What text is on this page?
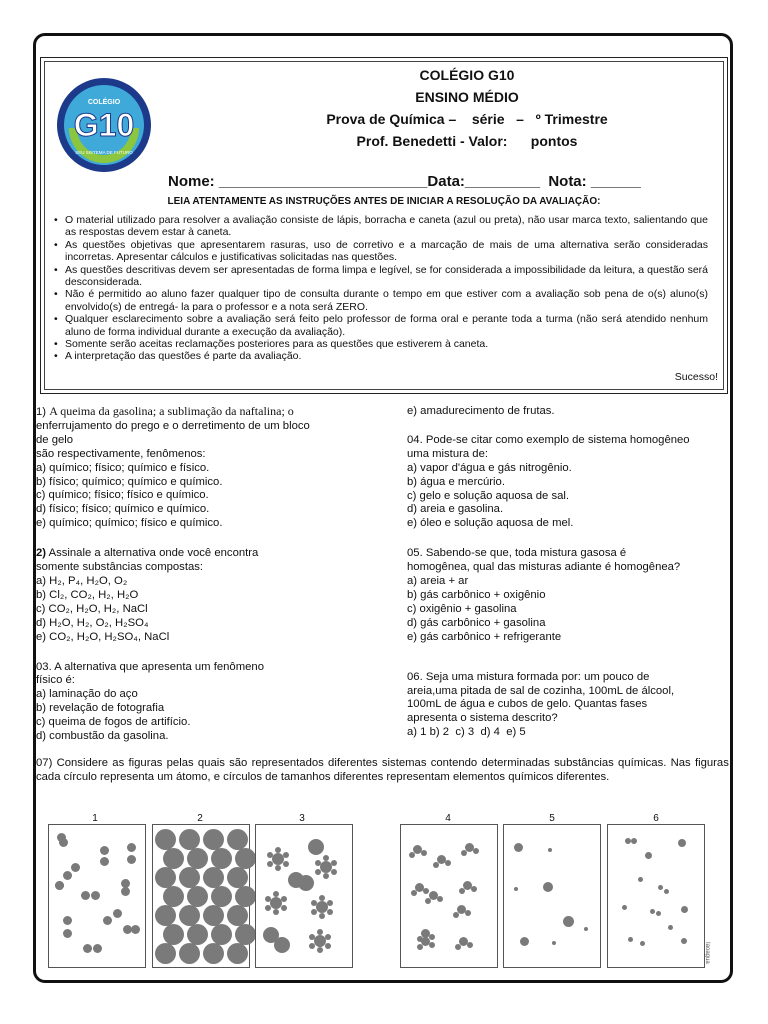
COLÉGIO
G10
SEU SISTEMA DE FUTURO
COLÉGIO G10
ENSINO MÉDIO
Prova de Química –    série   –   º Trimestre
Prof. Benedetti - Valor:      pontos
Nome: _________________________Data:_________  Nota: ______
LEIA ATENTAMENTE AS INSTRUÇÕES ANTES DE INICIAR A RESOLUÇÃO DA AVALIAÇÃO:
• O material utilizado para resolver a avaliação consiste de lápis, borracha e caneta (azul ou preta), não usar marca texto, salientando que as respostas devem estar à caneta.
• As questões objetivas que apresentarem rasuras, uso de corretivo e a marcação de mais de uma alternativa serão consideradas incorretas. Apresentar cálculos e justificativas solicitadas nas questões.
• As questões descritivas devem ser apresentadas de forma limpa e legível, se for considerada a impossibilidade da leitura, a questão será desconsiderada.
• Não é permitido ao aluno fazer qualquer tipo de consulta durante o tempo em que estiver com a avaliação sob pena de o(s) aluno(s) envolvido(s) de entregá- la para o professor e a nota será ZERO.
• Qualquer esclarecimento sobre a avaliação será feito pelo professor de forma oral e perante toda a turma (não será atendido nenhum aluno de forma individual durante a execução da avaliação).
• Somente serão aceitas reclamações posteriores para as questões que estiverem à caneta.
• A interpretação das questões é parte da avaliação.
Sucesso!

1) A queima da gasolina; a sublimação da naftalina; o

enferrujamento do prego e o derretimento de um bloco

de gelo

são respectivamente, fenômenos:

a) químico; físico; químico e físico.

b) físico; químico; químico e químico.

c) químico; físico; físico e químico.

d) físico; físico; químico e químico.

e) químico; químico; físico e químico.

2) Assinale a alternativa onde você encontra

somente substâncias compostas:

a) H₂, P₄, H₂O, O₂

b) Cl₂, CO₂, H₂, H₂O

c) CO₂, H₂O, H₂, NaCl

d) H₂O, H₂, O₂, H₂SO₄

e) CO₂, H₂O, H₂SO₄, NaCl

03. A alternativa que apresenta um fenômeno

físico é:

a) laminação do aço

b) revelação de fotografia

c) queima de fogos de artifício.

d) combustão da gasolina.

e) amadurecimento de frutas.

04. Pode-se citar como exemplo de sistema homogêneo

uma mistura de:

a) vapor d'água e gás nitrogênio.

b) água e mercúrio.

c) gelo e solução aquosa de sal.

d) areia e gasolina.

e) óleo e solução aquosa de mel.

05. Sabendo-se que, toda mistura gasosa é

homogênea, qual das misturas adiante é homogênea?

a) areia + ar

b) gás carbônico + oxigênio

c) oxigênio + gasolina

d) gás carbônico + gasolina

e) gás carbônico + refrigerante

06. Seja uma mistura formada por: um pouco de

areia,uma pitada de sal de cozinha, 100mL de álcool,

100mL de água e cubos de gelo. Quantas fases

apresenta o sistema descrito?

a) 1 b) 2  c) 3  d) 4  e) 5

07) Considere as figuras pelas quais são representados diferentes sistemas contendo determinadas substâncias químicas. Nas figuras, cada círculo representa um átomo, e círculos de tamanhos diferentes representam elementos químicos diferentes.
1	2	3	4	5	6
Iaoagua
